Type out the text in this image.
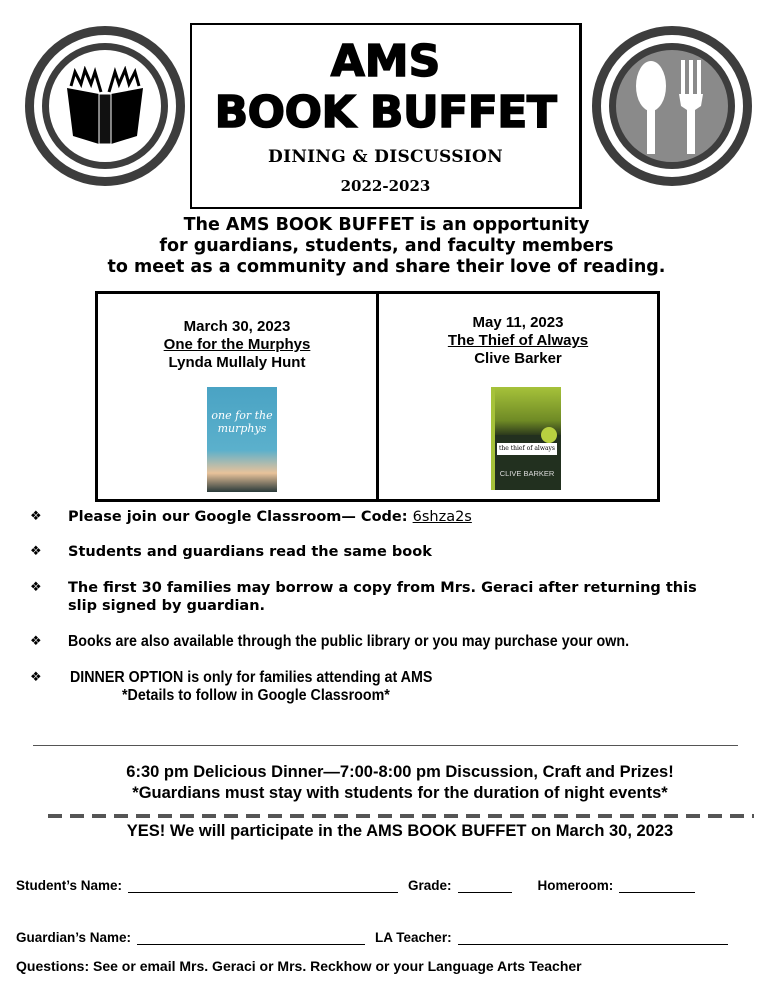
AMS
BOOK BUFFET
DINING & DISCUSSION
2022-2023
The AMS BOOK BUFFET is an opportunity
for guardians, students, and faculty members
to meet as a community and share their love of reading.
March 30, 2023
One for the Murphys
Lynda Mullaly Hunt
one for the murphys
May 11, 2023
The Thief of Always
Clive Barker
the thief of always
CLIVE BARKER
❖ Please join our Google Classroom— Code: 6shza2s
❖ Students and guardians read the same book
❖ The first 30 families may borrow a copy from Mrs. Geraci after returning this slip signed by guardian.
❖ Books are also available through the public library or you may purchase your own.
❖ DINNER OPTION is only for families attending at AMS
*Details to follow in Google Classroom*
6:30 pm Delicious Dinner—7:00-8:00 pm Discussion, Craft and Prizes!
*Guardians must stay with students for the duration of night events*
YES! We will participate in the AMS BOOK BUFFET on March 30, 2023
Student’s Name:	Grade:	Homeroom:
Guardian’s Name:	LA Teacher:
Questions: See or email Mrs. Geraci or Mrs. Reckhow or your Language Arts Teacher
